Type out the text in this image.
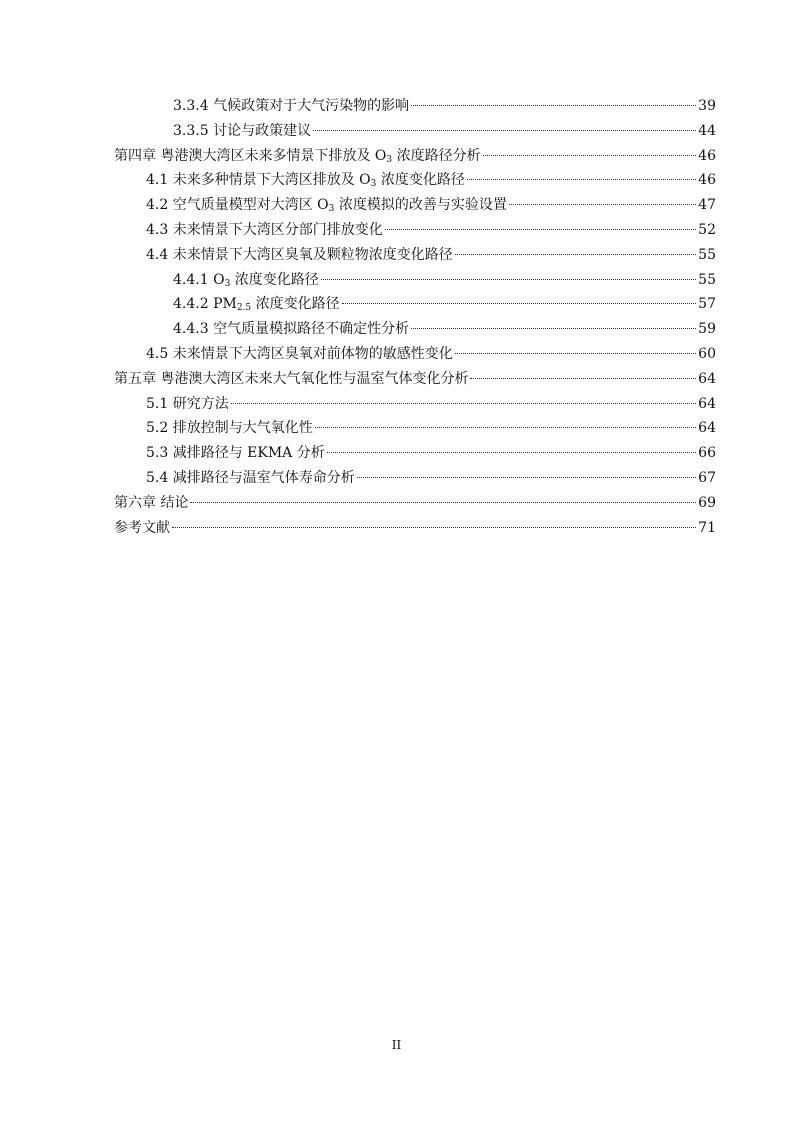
3.3.4 气候政策对于大气污染物的影响	39
3.3.5 讨论与政策建议	44
第四章 粤港澳大湾区未来多情景下排放及 $O_3$ 浓度路径分析	46
4.1 未来多种情景下大湾区排放及 $O_3$ 浓度变化路径	46
4.2 空气质量模型对大湾区 $O_3$ 浓度模拟的改善与实验设置	47
4.3 未来情景下大湾区分部门排放变化	52
4.4 未来情景下大湾区臭氧及颗粒物浓度变化路径	55
4.4.1 $O_3$ 浓度变化路径	55
4.4.2 $PM_{2.5}$ 浓度变化路径	57
4.4.3 空气质量模拟路径不确定性分析	59
4.5 未来情景下大湾区臭氧对前体物的敏感性变化	60
第五章 粤港澳大湾区未来大气氧化性与温室气体变化分析	64
5.1 研究方法	64
5.2 排放控制与大气氧化性	64
5.3 减排路径与 EKMA 分析	66
5.4 减排路径与温室气体寿命分析	67
第六章 结论	69
参考文献	71
II
